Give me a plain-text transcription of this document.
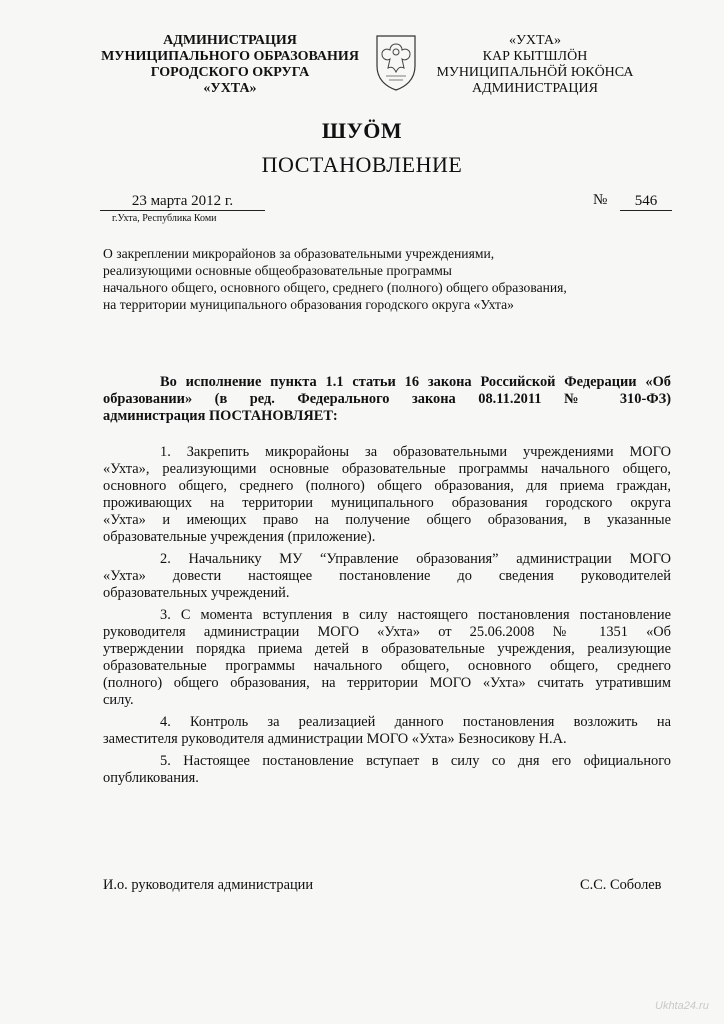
АДМИНИСТРАЦИЯ
МУНИЦИПАЛЬНОГО ОБРАЗОВАНИЯ
ГОРОДСКОГО ОКРУГА
«УХТА»
«УХТА»
КАР КЫТШЛÖН
МУНИЦИПАЛЬНÖЙ ЮКÖНСА
АДМИНИСТРАЦИЯ
ШУÖМ
ПОСТАНОВЛЕНИЕ
23 марта 2012 г.
г.Ухта, Республика Коми
№	546
О закреплении микрорайонов за образовательными учреждениями,
реализующими основные общеобразовательные программы
начального общего, основного общего, среднего (полного) общего образования,
на территории муниципального образования городского округа «Ухта»
Во исполнение пункта 1.1 статьи 16 закона Российской Федерации «Об
образовании» (в ред. Федерального закона 08.11.2011 № 310-ФЗ)
администрация ПОСТАНОВЛЯЕТ:
1. Закрепить микрорайоны за образовательными учреждениями МОГО
«Ухта», реализующими основные образовательные программы начального общего,
основного общего, среднего (полного) общего образования, для приема граждан,
проживающих на территории муниципального образования городского округа
«Ухта» и имеющих право на получение общего образования, в указанные
образовательные учреждения (приложение).
2. Начальнику МУ “Управление образования” администрации МОГО
«Ухта» довести настоящее постановление до сведения руководителей
образовательных учреждений.
3. С момента вступления в силу настоящего постановления постановление
руководителя администрации МОГО «Ухта» от 25.06.2008 № 1351 «Об
утверждении порядка приема детей в образовательные учреждения, реализующие
образовательные программы начального общего, основного общего, среднего
(полного) общего образования, на территории МОГО «Ухта» считать утратившим
силу.
4. Контроль за реализацией данного постановления возложить на
заместителя руководителя администрации МОГО «Ухта» Безносикову Н.А.
5. Настоящее постановление вступает в силу со дня его официального
опубликования.
И.о. руководителя администрации	С.С. Соболев
Ukhta24.ru
